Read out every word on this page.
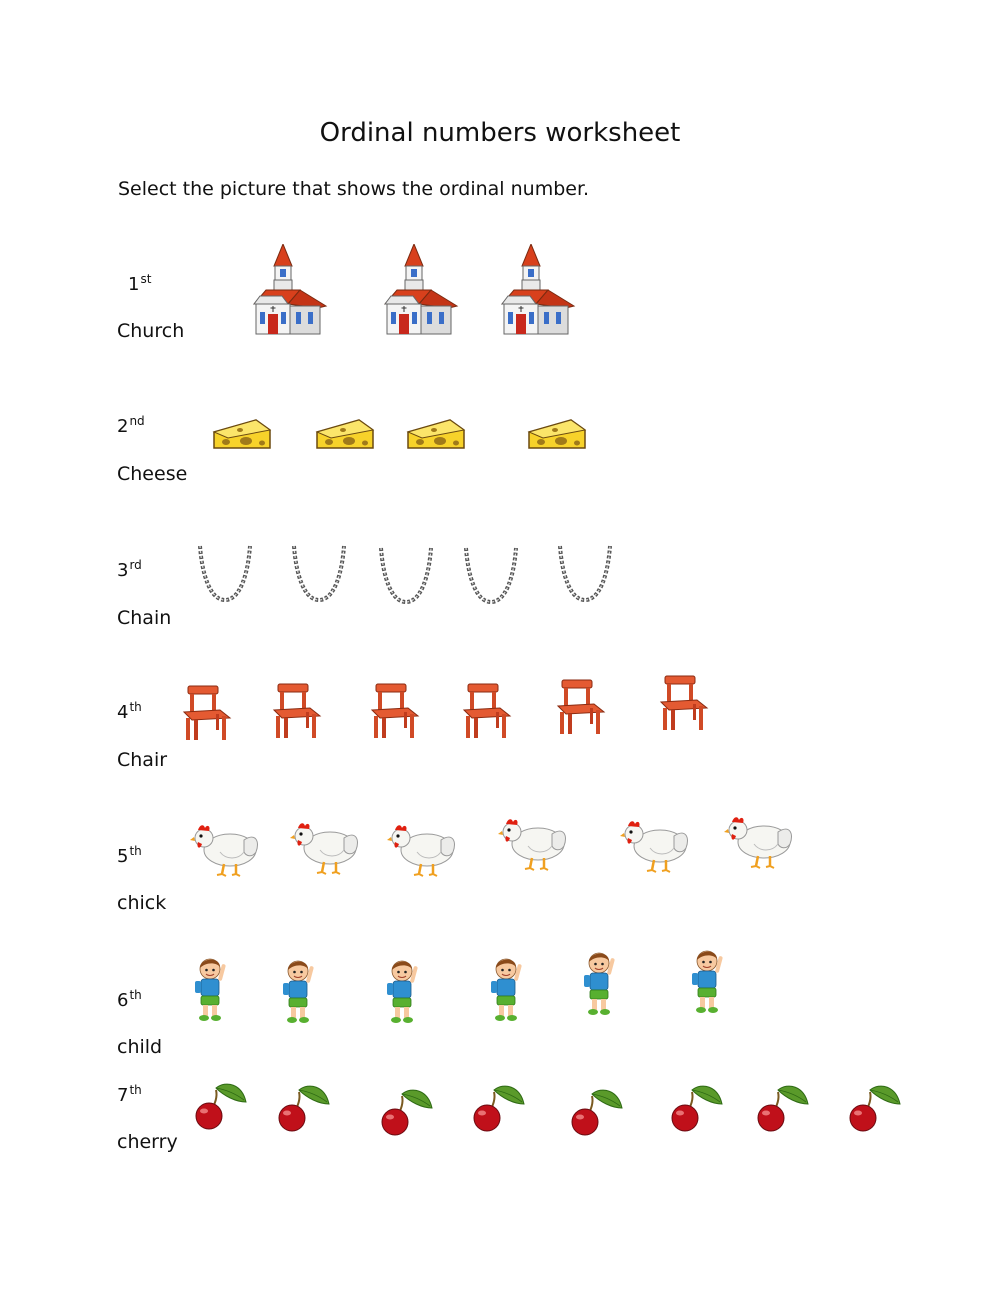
Ordinal numbers worksheet

Select the picture that shows the ordinal number.

1st
Church
2nd
Cheese
3rd
Chain
4th
Chair
5th
chick
6th
child
7th
cherry
